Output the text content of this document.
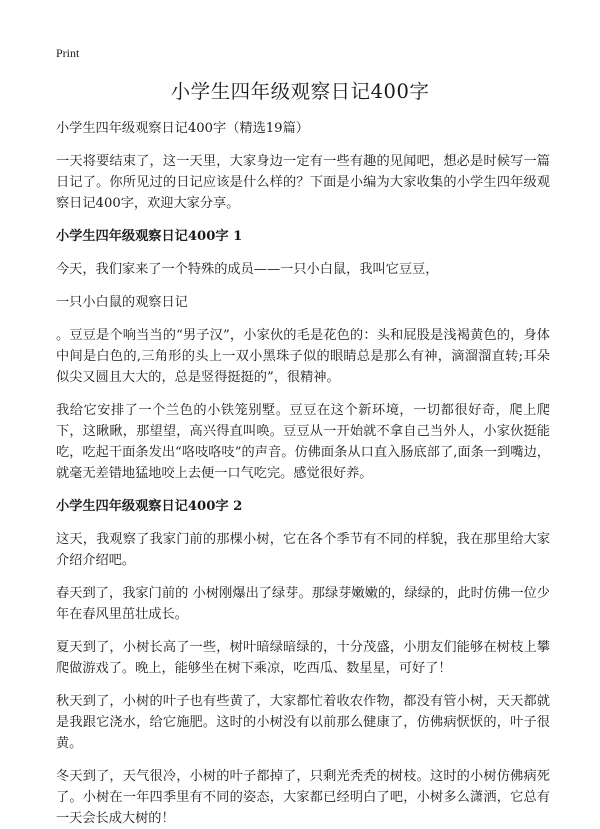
Print
小学生四年级观察日记400字

小学生四年级观察日记400字（精选19篇）

一天将要结束了，这一天里，大家身边一定有一些有趣的见闻吧，想必是时候写一篇日记了。你所见过的日记应该是什么样的？下面是小编为大家收集的小学生四年级观察日记400字，欢迎大家分享。

小学生四年级观察日记400字 1

今天，我们家来了一个特殊的成员——一只小白鼠，我叫它豆豆，

一只小白鼠的观察日记

。豆豆是个响当当的“男子汉”，小家伙的毛是花色的：头和屁股是浅褐黄色的，身体中间是白色的,三角形的头上一双小黑珠子似的眼睛总是那么有神，滴溜溜直转;耳朵似尖又圆且大大的，总是竖得挺挺的”，很精神。

我给它安排了一个兰色的小铁笼别墅。豆豆在这个新环境，一切都很好奇，爬上爬下，这瞅瞅，那望望，高兴得直叫唤。豆豆从一开始就不拿自己当外人，小家伙挺能吃，吃起干面条发出“咯吱咯吱”的声音。仿佛面条从口直入肠底部了,面条一到嘴边，就毫无差错地猛地咬上去便一口气吃完。感觉很好养。

小学生四年级观察日记400字 2

这天，我观察了我家门前的那棵小树，它在各个季节有不同的样貌，我在那里给大家介绍介绍吧。

春天到了，我家门前的 小树刚爆出了绿芽。那绿芽嫩嫩的，绿绿的，此时仿佛一位少年在春风里茁壮成长。

夏天到了，小树长高了一些，树叶暗绿暗绿的，十分茂盛，小朋友们能够在树枝上攀爬做游戏了。晚上，能够坐在树下乘凉，吃西瓜、数星星，可好了！

秋天到了，小树的叶子也有些黄了，大家都忙着收农作物，都没有管小树，天天都就是我跟它浇水，给它施肥。这时的小树没有以前那么健康了，仿佛病恹恹的，叶子很黄。

冬天到了，天气很冷，小树的叶子都掉了，只剩光秃秃的树枝。这时的小树仿佛病死了。小树在一年四季里有不同的姿态，大家都已经明白了吧，小树多么潇洒，它总有一天会长成大树的！
